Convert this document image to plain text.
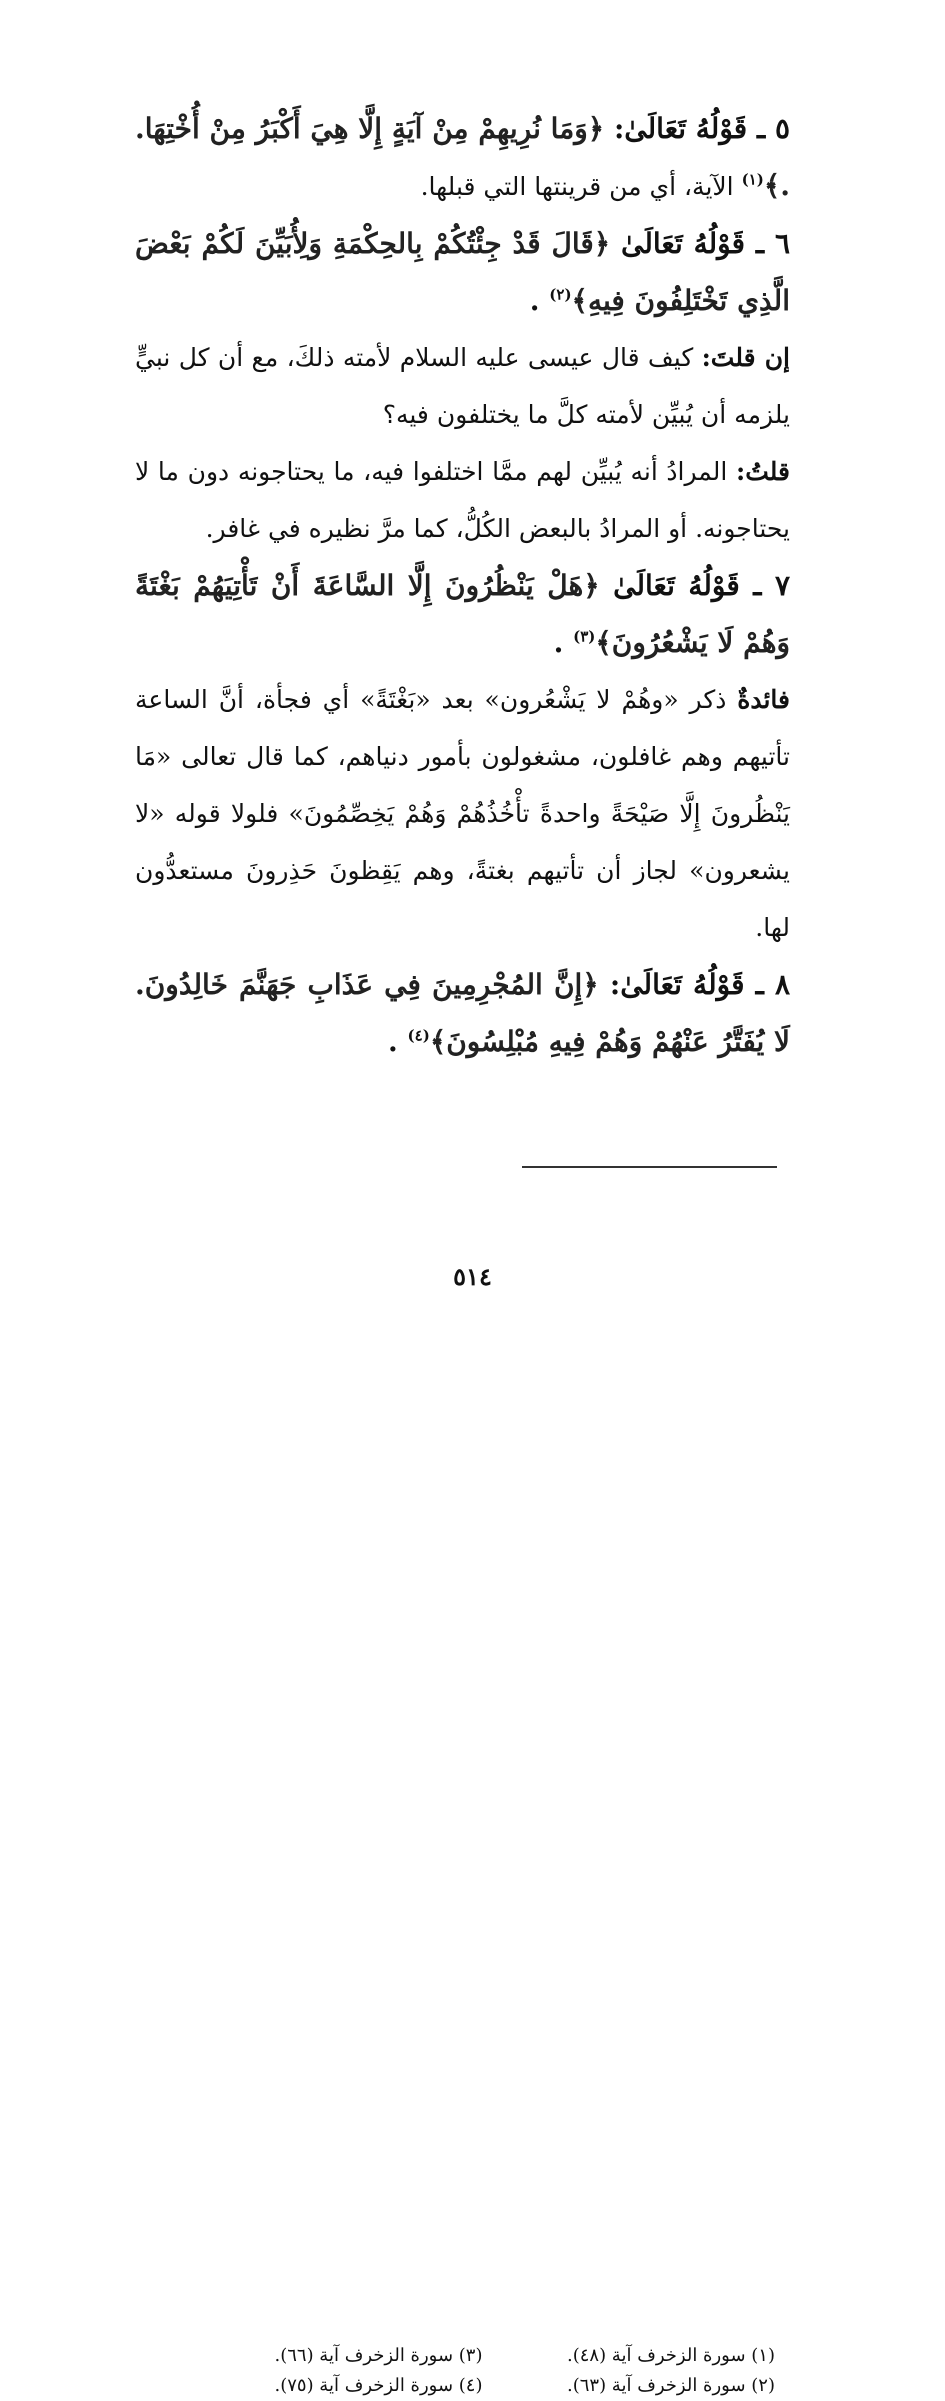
٥ ـ قَوْلُهُ تَعَالَىٰ: ﴿وَمَا نُرِيهِمْ مِنْ آيَةٍ إِلَّا هِيَ أَكْبَرُ مِنْ أُخْتِهَا. .﴾$^{(١)}$ الآية، أي من قرينتها التي قبلها.

٦ ـ قَوْلُهُ تَعَالَىٰ ﴿قَالَ قَدْ جِئْتُكُمْ بِالحِكْمَةِ وَلِأُبَيِّنَ لَكُمْ بَعْضَ الَّذِي تَخْتَلِفُونَ فِيهِ﴾$^{(٢)}$ .

إن قلتَ: كيف قال عيسى عليه السلام لأمته ذلكَ، مع أن كل نبيٍّ يلزمه أن يُبيِّن لأمته كلَّ ما يختلفون فيه؟

قلتُ: المرادُ أنه يُبيِّن لهم ممَّا اختلفوا فيه، ما يحتاجونه دون ما لا يحتاجونه. أو المرادُ بالبعض الكُلُّ، كما مرَّ نظيره في غافر.

٧ ـ قَوْلُهُ تَعَالَىٰ ﴿هَلْ يَنْظُرُونَ إِلَّا السَّاعَةَ أَنْ تَأْتِيَهُمْ بَغْتَةً وَهُمْ لَا يَشْعُرُونَ﴾$^{(٣)}$ .

فائدةٌ ذكر «وهُمْ لا يَشْعُرون» بعد «بَغْتَةً» أي فجأة، أنَّ الساعة تأتيهم وهم غافلون، مشغولون بأمور دنياهم، كما قال تعالى «مَا يَنْظُرونَ إِلَّا صَيْحَةً واحدةً تأْخُذُهُمْ وَهُمْ يَخِصِّمُونَ» فلولا قوله «لا يشعرون» لجاز أن تأتيهم بغتةً، وهم يَقِظونَ حَذِرونَ مستعدُّون لها.

٨ ـ قَوْلُهُ تَعَالَىٰ: ﴿إِنَّ المُجْرِمِينَ فِي عَذَابِ جَهَنَّمَ خَالِدُونَ. لَا يُفَتَّرُ عَنْهُمْ وَهُمْ فِيهِ مُبْلِسُونَ﴾$^{(٤)}$ .

(١) سورة الزخرف آية (٤٨).
(٣) سورة الزخرف آية (٦٦).
(٢) سورة الزخرف آية (٦٣).
(٤) سورة الزخرف آية (٧٥).
٥١٤
